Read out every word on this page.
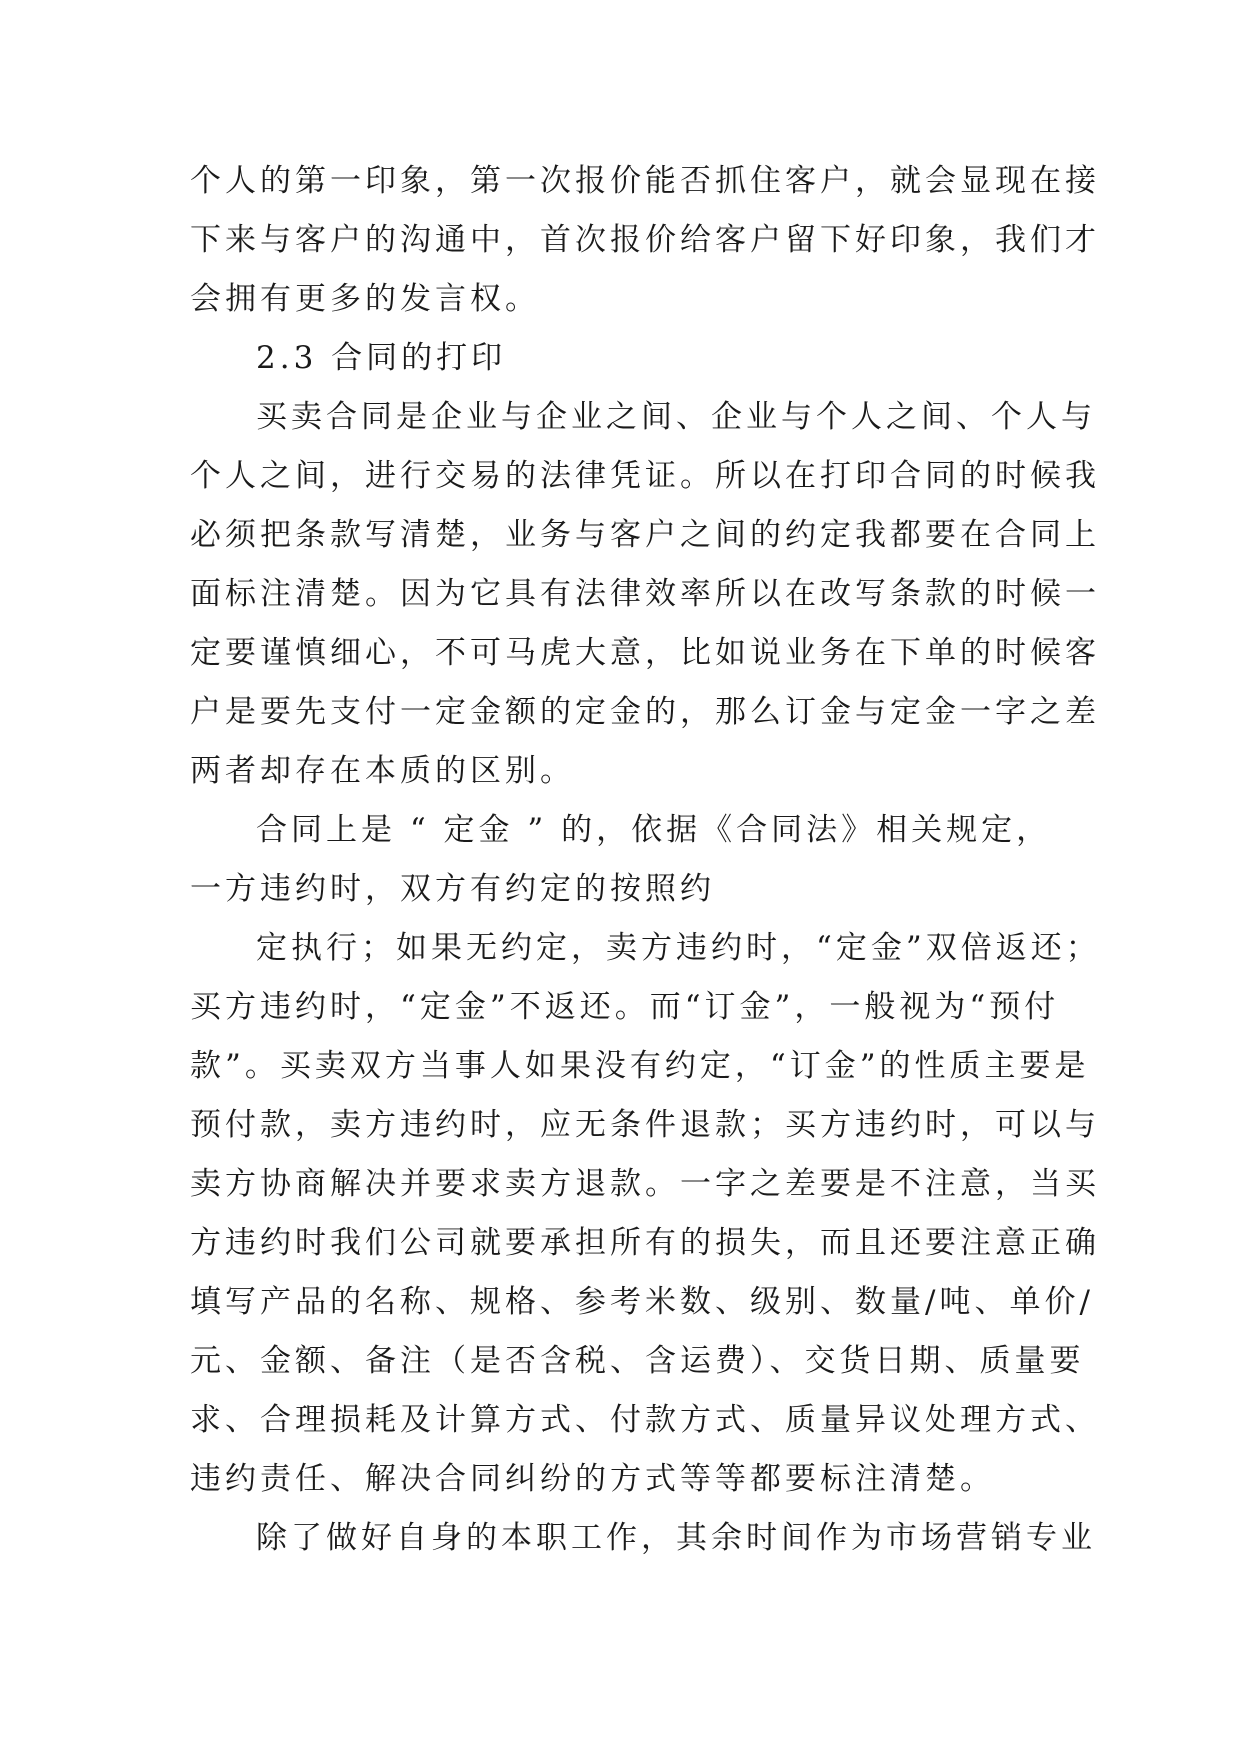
个人的第一印象，第一次报价能否抓住客户，就会显现在接
下来与客户的沟通中，首次报价给客户留下好印象，我们才
会拥有更多的发言权。
2.3 合同的打印
买卖合同是企业与企业之间、企业与个人之间、个人与
个人之间，进行交易的法律凭证。所以在打印合同的时候我
必须把条款写清楚，业务与客户之间的约定我都要在合同上
面标注清楚。因为它具有法律效率所以在改写条款的时候一
定要谨慎细心，不可马虎大意，比如说业务在下单的时候客
户是要先支付一定金额的定金的，那么订金与定金一字之差
两者却存在本质的区别。
合同上是 “ 定金 ” 的，依据《合同法》相关规定，
一方违约时，双方有约定的按照约
定执行；如果无约定，卖方违约时，“定金”双倍返还；
买方违约时，“定金”不返还。而“订金”，一般视为“预付
款”。买卖双方当事人如果没有约定，“订金”的性质主要是
预付款，卖方违约时，应无条件退款；买方违约时，可以与
卖方协商解决并要求卖方退款。一字之差要是不注意，当买
方违约时我们公司就要承担所有的损失，而且还要注意正确
填写产品的名称、规格、参考米数、级别、数量/吨、单价/
元、金额、备注（是否含税、含运费）、交货日期、质量要
求、合理损耗及计算方式、付款方式、质量异议处理方式、
违约责任、解决合同纠纷的方式等等都要标注清楚。
除了做好自身的本职工作，其余时间作为市场营销专业
